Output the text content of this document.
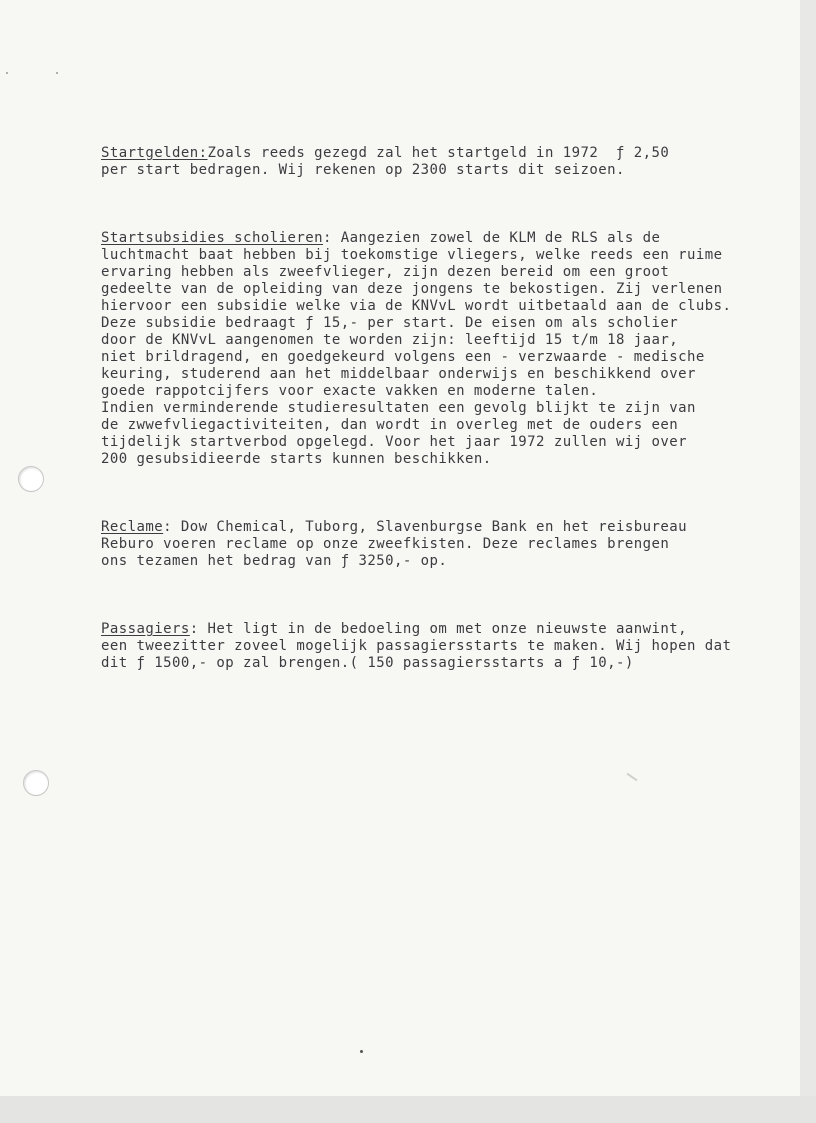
Startgelden:Zoals reeds gezegd zal het startgeld in 1972  ƒ 2,50
per start bedragen. Wij rekenen op 2300 starts dit seizoen.

Startsubsidies scholieren: Aangezien zowel de KLM de RLS als de
luchtmacht baat hebben bij toekomstige vliegers, welke reeds een ruime
ervaring hebben als zweefvlieger, zijn dezen bereid om een groot
gedeelte van de opleiding van deze jongens te bekostigen. Zij verlenen
hiervoor een subsidie welke via de KNVvL wordt uitbetaald aan de clubs.
Deze subsidie bedraagt ƒ 15,- per start. De eisen om als scholier
door de KNVvL aangenomen te worden zijn: leeftijd 15 t/m 18 jaar,
niet brildragend, en goedgekeurd volgens een - verzwaarde - medische
keuring, studerend aan het middelbaar onderwijs en beschikkend over
goede rappotcijfers voor exacte vakken en moderne talen.
Indien verminderende studieresultaten een gevolg blijkt te zijn van
de zwwefvliegactiviteiten, dan wordt in overleg met de ouders een
tijdelijk startverbod opgelegd. Voor het jaar 1972 zullen wij over
200 gesubsidieerde starts kunnen beschikken.

Reclame: Dow Chemical, Tuborg, Slavenburgse Bank en het reisbureau
Reburo voeren reclame op onze zweefkisten. Deze reclames brengen
ons tezamen het bedrag van ƒ 3250,- op.

Passagiers: Het ligt in de bedoeling om met onze nieuwste aanwint,
een tweezitter zoveel mogelijk passagiersstarts te maken. Wij hopen dat
dit ƒ 1500,- op zal brengen.( 150 passagiersstarts a ƒ 10,-)
